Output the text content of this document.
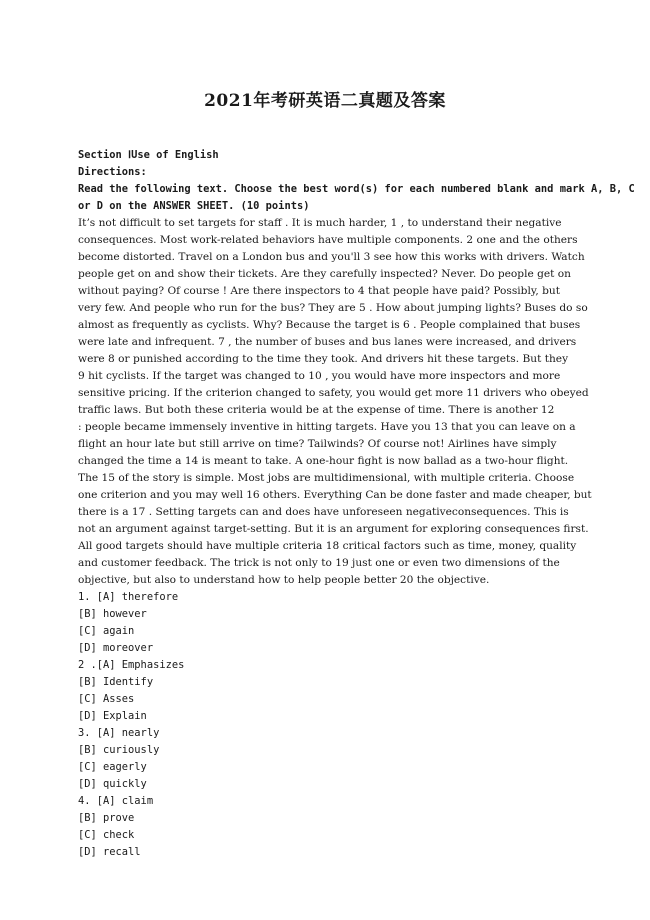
2021年考研英语二真题及答案
Section ⅠUse of English
Directions:
Read the following text. Choose the best word(s) for each numbered blank and mark A, B, C
or D on the ANSWER SHEET. (10 points)
It’s not difficult to set targets for staff . It is much harder, 1 , to understand their negative
consequences. Most work-related behaviors have multiple components. 2 one and the others
become distorted. Travel on a London bus and you'll 3 see how this works with drivers. Watch
people get on and show their tickets. Are they carefully inspected? Never. Do people get on
without paying? Of course ! Are there inspectors to 4 that people have paid? Possibly, but
very few. And people who run for the bus? They are 5 . How about jumping lights? Buses do so
almost as frequently as cyclists. Why? Because the target is 6 . People complained that buses
were late and infrequent. 7 , the number of buses and bus lanes were increased, and drivers
were 8 or punished according to the time they took. And drivers hit these targets. But they
9 hit cyclists. If the target was changed to 10 , you would have more inspectors and more
sensitive pricing. If the criterion changed to safety, you would get more 11 drivers who obeyed
traffic laws. But both these criteria would be at the expense of time. There is another 12
: people became immensely inventive in hitting targets. Have you 13 that you can leave on a
flight an hour late but still arrive on time? Tailwinds? Of course not! Airlines have simply
changed the time a 14 is meant to take. A one-hour fight is now ballad as a two-hour flight.
The 15 of the story is simple. Most jobs are multidimensional, with multiple criteria. Choose
one criterion and you may well 16 others. Everything Can be done faster and made cheaper, but
there is a 17 . Setting targets can and does have unforeseen negativeconsequences. This is
not an argument against target-setting. But it is an argument for exploring consequences first.
All good targets should have multiple criteria 18 critical factors such as time, money, quality
and customer feedback. The trick is not only to 19 just one or even two dimensions of the
objective, but also to understand how to help people better 20 the objective.
1. [A] therefore
[B] however
[C] again
[D] moreover
2 .[A] Emphasizes
[B] Identify
[C] Asses
[D] Explain
3. [A] nearly
[B] curiously
[C] eagerly
[D] quickly
4. [A] claim
[B] prove
[C] check
[D] recall
